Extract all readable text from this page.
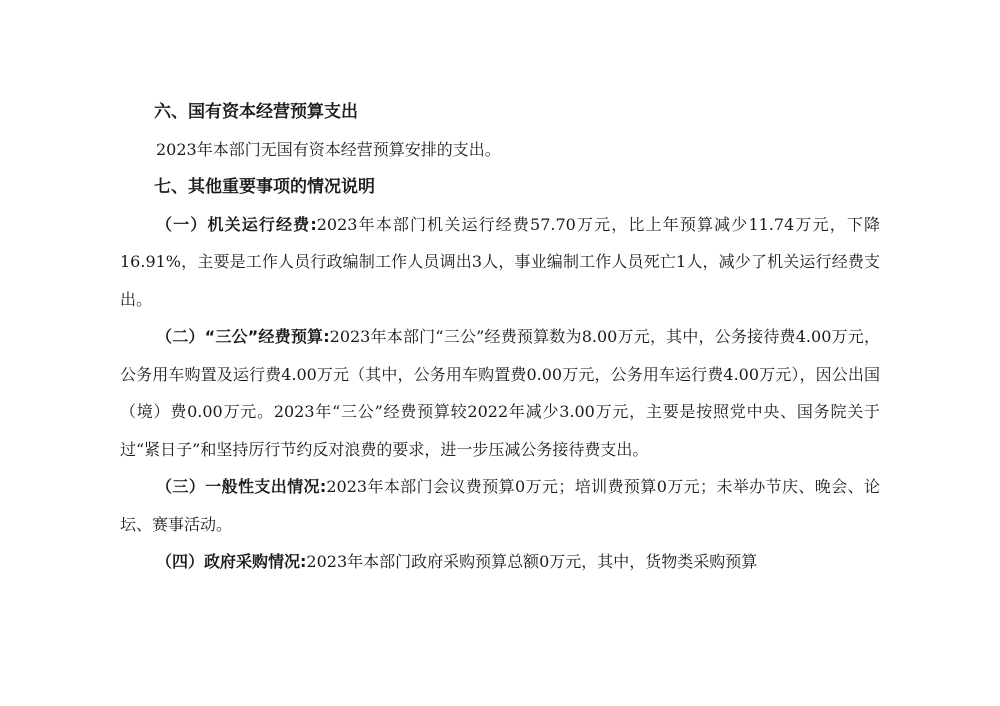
六、国有资本经营预算支出

2023年本部门无国有资本经营预算安排的支出。

七、其他重要事项的情况说明

（一）机关运行经费:2023年本部门机关运行经费57.70万元，比上年预算减少11.74万元，下降16.91%，主要是工作人员行政编制工作人员调出3人，事业编制工作人员死亡1人，减少了机关运行经费支出。

（二）“三公”经费预算:2023年本部门“三公”经费预算数为8.00万元，其中，公务接待费4.00万元，公务用车购置及运行费4.00万元（其中，公务用车购置费0.00万元，公务用车运行费4.00万元），因公出国（境）费0.00万元。2023年“三公”经费预算较2022年减少3.00万元，主要是按照党中央、国务院关于过“紧日子”和坚持厉行节约反对浪费的要求，进一步压减公务接待费支出。

（三）一般性支出情况:2023年本部门会议费预算0万元；培训费预算0万元；未举办节庆、晚会、论坛、赛事活动。

（四）政府采购情况:2023年本部门政府采购预算总额0万元，其中，货物类采购预算
